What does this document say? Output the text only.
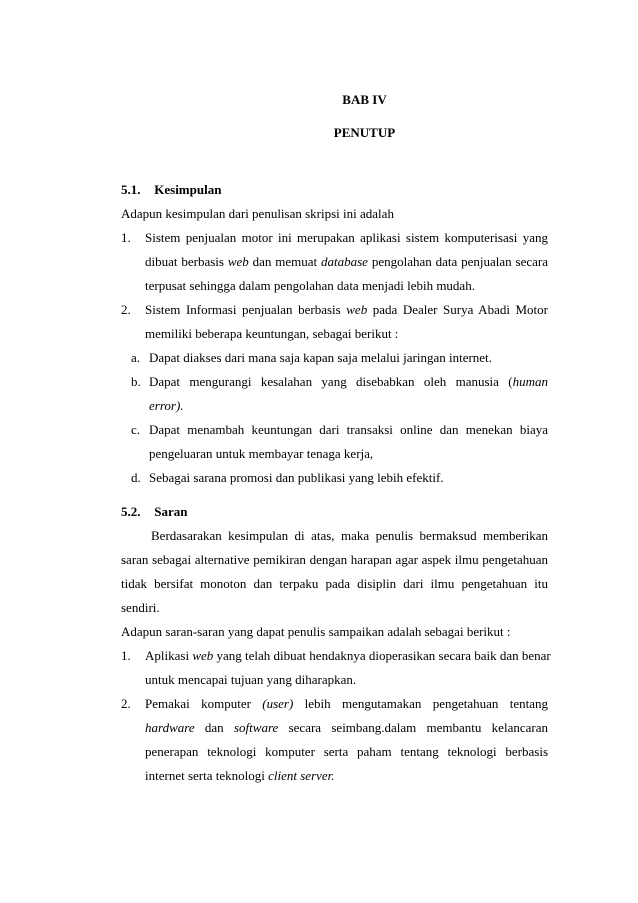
BAB IV
PENUTUP
5.1. Kesimpulan
Adapun kesimpulan dari penulisan skripsi ini adalah
1. Sistem penjualan motor ini merupakan aplikasi sistem komputerisasi yang
dibuat berbasis web dan memuat database pengolahan data penjualan secara
terpusat sehingga dalam pengolahan data menjadi lebih mudah.
2. Sistem Informasi penjualan berbasis web pada Dealer Surya Abadi Motor
memiliki beberapa keuntungan, sebagai berikut :
a. Dapat diakses dari mana saja kapan saja melalui jaringan internet.
b. Dapat mengurangi kesalahan yang disebabkan oleh manusia (human
error).
c. Dapat menambah keuntungan dari transaksi online dan menekan biaya
pengeluaran untuk membayar tenaga kerja,
d. Sebagai sarana promosi dan publikasi yang lebih efektif.
5.2. Saran
Berdasarakan kesimpulan di atas, maka penulis bermaksud memberikan
saran sebagai alternative pemikiran dengan harapan agar aspek ilmu pengetahuan
tidak bersifat monoton dan terpaku pada disiplin dari ilmu pengetahuan itu
sendiri.
Adapun saran-saran yang dapat penulis sampaikan adalah sebagai berikut :
1. Aplikasi web yang telah dibuat hendaknya dioperasikan secara baik dan benar
untuk mencapai tujuan yang diharapkan.
2. Pemakai komputer (user) lebih mengutamakan pengetahuan tentang
hardware dan software secara seimbang.dalam membantu kelancaran
penerapan teknologi komputer serta paham tentang teknologi berbasis
internet serta teknologi client server.
